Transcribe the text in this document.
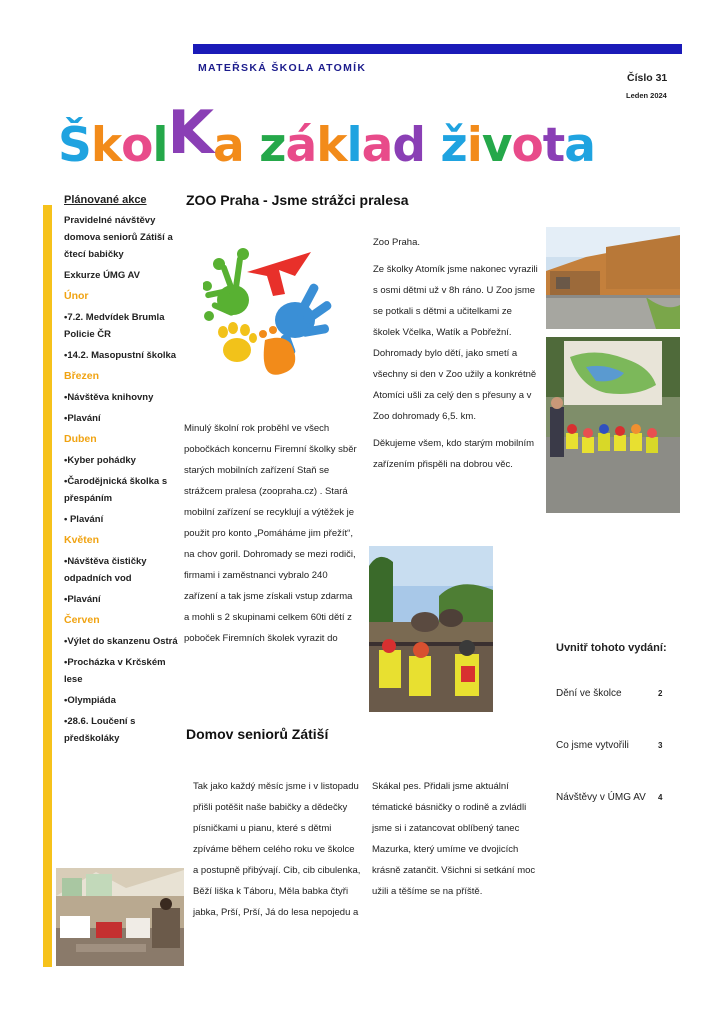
MATEŘSKÁ ŠKOLA ATOMÍK
Číslo 31
Leden 2024
ŠkolKa základ života
Plánované akce
Pravidelné návštěvy domova seniorů Zátiší a čtecí babičky
Exkurze ÚMG AV
Únor
•7.2. Medvídek Brumla Policie ČR
•14.2. Masopustní školka
Březen
•Návštěva knihovny
•Plavání
Duben
•Kyber pohádky
•Čarodějnická školka s přespáním
• Plavání
Květen
•Návštěva čističky odpadních vod
•Plavání
Červen
•Výlet do skanzenu Ostrá
•Procházka v Krčském lese
•Olympiáda
•28.6. Loučení s předškoláky
ZOO Praha - Jsme strážci pralesa
Minulý školní rok proběhl ve všech pobočkách koncernu Firemní školky sběr starých mobilních zařízení Staň se strážcem pralesa (zoopraha.cz) . Stará mobilní zařízení se recyklují a výtěžek je použit pro konto „Pomáháme jim přežít“, na chov goril. Dohromady se mezi rodiči, firmami i zaměstnanci vybralo 240 zařízení a tak jsme získali vstup zdarma a mohli s 2 skupinami celkem 60ti dětí z poboček Firemních školek vyrazit do

Zoo Praha.

Ze školky Atomík jsme nakonec vyrazili s osmi dětmi už v 8h ráno. U Zoo jsme se potkali s dětmi a učitelkami ze školek Včelka, Watík a Pobřežní. Dohromady bylo dětí, jako smetí a všechny si den v Zoo užily a konkrétně Atomíci ušli za celý den s přesuny a v Zoo dohromady 6,5. km.

Děkujeme všem, kdo starým mobilním zařízením přispěli na dobrou věc.

Domov seniorů Zátiší
Tak jako každý měsíc jsme i v listopadu přišli potěšit naše babičky a dědečky písničkami u pianu, které s dětmi zpíváme během celého roku ve školce a postupně přibývají. Cib, cib cibulenka, Běží liška k Táboru, Měla babka čtyři jabka, Prší, Prší, Já do lesa nepojedu a
Skákal pes. Přidali jsme aktuální tématické básničky o rodině a zvládli jsme si i zatancovat oblíbený tanec Mazurka, který umíme ve dvojicích krásně zatančit. Všichni si setkání moc užili a těšíme se na příště.
Uvnitř tohoto vydání:
Dění ve školce	2
Co jsme vytvořili	3
Návštěvy v ÚMG AV 4
